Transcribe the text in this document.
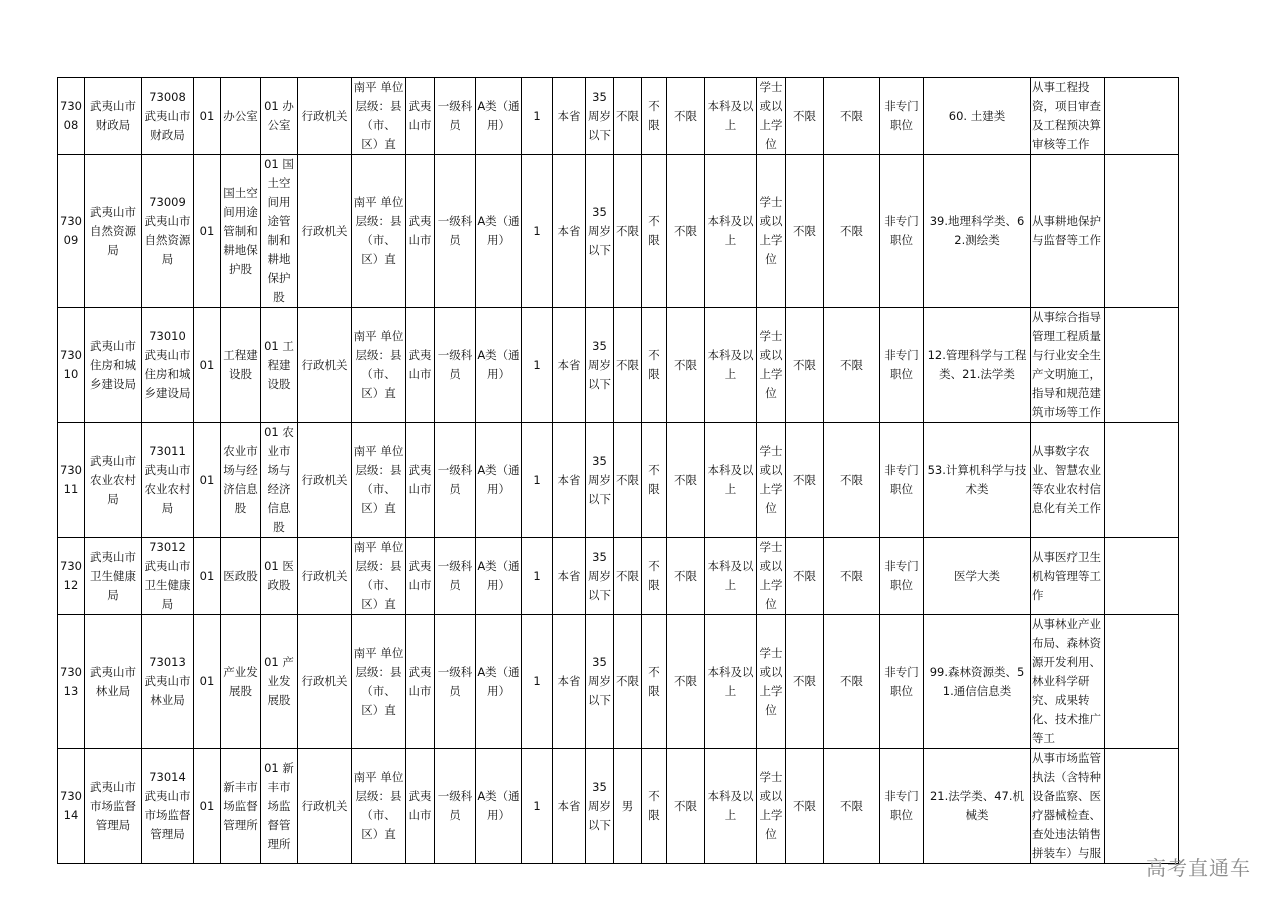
73008	武夷山市财政局	73008 武夷山市财政局	01	办公室	01 办公室	行政机关	南平 单位层级：县（市、区）直	武夷山市	一级科员	A类（通用）	1	本省	35周岁以下	不限	不限	不限	本科及以上	学士或以上学位	不限	不限	非专门职位	60. 土建类	从事工程投资，项目审查及工程预决算审核等工作	
73009	武夷山市自然资源局	73009 武夷山市自然资源局	01	国土空间用途管制和耕地保护股	01 国土空间用途管制和耕地保护股	行政机关	南平 单位层级：县（市、区）直	武夷山市	一级科员	A类（通用）	1	本省	35周岁以下	不限	不限	不限	本科及以上	学士或以上学位	不限	不限	非专门职位	39.地理科学类、62.测绘类	从事耕地保护与监督等工作	
73010	武夷山市住房和城乡建设局	73010 武夷山市住房和城乡建设局	01	工程建设股	01 工程建设股	行政机关	南平 单位层级：县（市、区）直	武夷山市	一级科员	A类（通用）	1	本省	35周岁以下	不限	不限	不限	本科及以上	学士或以上学位	不限	不限	非专门职位	12.管理科学与工程类、21.法学类	从事综合指导管理工程质量与行业安全生产文明施工，指导和规范建筑市场等工作	
73011	武夷山市农业农村局	73011 武夷山市农业农村局	01	农业市场与经济信息股	01 农业市场与经济信息股	行政机关	南平 单位层级：县（市、区）直	武夷山市	一级科员	A类（通用）	1	本省	35周岁以下	不限	不限	不限	本科及以上	学士或以上学位	不限	不限	非专门职位	53.计算机科学与技术类	从事数字农业、智慧农业等农业农村信息化有关工作	
73012	武夷山市卫生健康局	73012 武夷山市卫生健康局	01	医政股	01 医政股	行政机关	南平 单位层级：县（市、区）直	武夷山市	一级科员	A类（通用）	1	本省	35周岁以下	不限	不限	不限	本科及以上	学士或以上学位	不限	不限	非专门职位	医学大类	从事医疗卫生机构管理等工作	
73013	武夷山市林业局	73013 武夷山市林业局	01	产业发展股	01 产业发展股	行政机关	南平 单位层级：县（市、区）直	武夷山市	一级科员	A类（通用）	1	本省	35周岁以下	不限	不限	不限	本科及以上	学士或以上学位	不限	不限	非专门职位	99.森林资源类、51.通信信息类	从事林业产业布局、森林资源开发利用、林业科学研究、成果转化、技术推广等工	
73014	武夷山市市场监督管理局	73014 武夷山市市场监督管理局	01	新丰市场监督管理所	01 新丰市场监督管理所	行政机关	南平 单位层级：县（市、区）直	武夷山市	一级科员	A类（通用）	1	本省	35周岁以下	男	不限	不限	本科及以上	学士或以上学位	不限	不限	非专门职位	21.法学类、47.机械类	从事市场监管执法（含特种设备监察、医疗器械检查、查处违法销售拼装车）与服	
高考直通车
